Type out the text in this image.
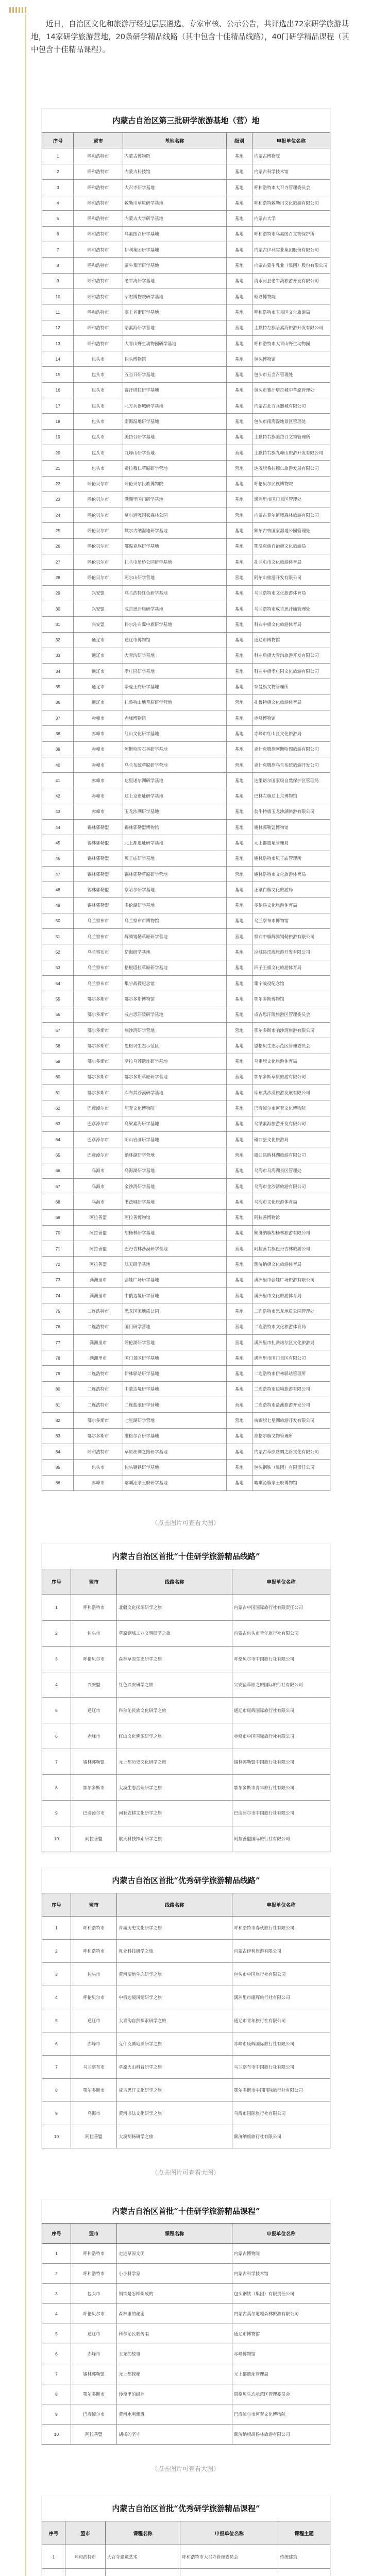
近日，自治区文化和旅游厅经过层层遴选、专家审核、公示公告，共评选出72家研学旅游基地，14家研学旅游营地，20条研学精品线路（其中包含十佳精品线路），40门研学精品课程（其中包含十佳精品课程）。

内蒙古自治区第三批研学旅游基地（营）地
序号	盟市	基地名称	级别	申报单位名称
1	呼和浩特市	内蒙古博物院	基地	内蒙古博物院
2	呼和浩特市	内蒙古科技馆	基地	内蒙古科学技术馆
3	呼和浩特市	大召寺研学基地	基地	呼和浩特市大召寺管理委员会
4	呼和浩特市	敕勒川草原研学基地	基地	呼和浩特敕勒川文化旅游有限公司
5	呼和浩特市	内蒙古大学研学基地	基地	内蒙古大学
6	呼和浩特市	乌素图召研学基地	基地	呼和浩特市乌素图召文物保护所
7	呼和浩特市	伊利集团研学基地	基地	内蒙古伊利实业集团股份有限公司
8	呼和浩特市	蒙牛集团研学基地	基地	内蒙古蒙牛乳业（集团）股份有限公司
9	呼和浩特市	老牛湾研学基地	基地	清水河县老牛湾旅游开发有限公司
10	呼和浩特市	昭君博物院研学基地	基地	昭君博物院
11	呼和浩特市	塞上老街研学基地	基地	呼和浩特市玉泉区文化旅游局
12	呼和浩特市	哈素海研学营地	营地	土默特左旗哈素海旅游开发有限公司
13	呼和浩特市	大青山野生动物园研学基地	基地	呼和浩特市大青山野生动物园
14	包头市	包头博物馆	基地	包头博物馆
15	包头市	五当召研学基地	基地	包头市五当召管理处
16	包头市	赛汗塔拉研学基地	基地	包头市赛汗塔拉城中草原管理处
17	包头市	北方兵器城研学基地	基地	内蒙古北方兵器城有限公司
18	包头市	南海湿地研学基地	基地	包头市南海湿地景区管理处
19	包头市	美岱召研学基地	基地	土默特右旗美岱召文物管理所
20	包头市	九峰山研学营地	营地	土默特右旗九峰山旅游开发有限公司
21	包头市	希拉穆仁草原研学营地	营地	达茂旗希拉穆仁旅游发展有限公司
22	呼伦贝尔市	呼伦贝尔民族博物院	基地	呼伦贝尔民族博物院
23	呼伦贝尔市	满洲里国门研学基地	基地	满洲里市国门景区管理处
24	呼伦贝尔市	莫尔道嘎国家森林公园	营地	内蒙古莫尔道嘎森林旅游有限公司
25	呼伦贝尔市	额尔古纳湿地研学基地	基地	额尔古纳国家湿地公园管理处
26	呼伦贝尔市	鄂温克族研学基地	基地	鄂温克族自治旗文化旅游局
27	呼伦贝尔市	扎兰屯吊桥公园研学基地	基地	扎兰屯市文化旅游体育局
28	呼伦贝尔市	阿尔山研学营地	营地	阿尔山旅游开发有限公司
29	兴安盟	乌兰浩特红色研学基地	基地	乌兰浩特市文化旅游体育局
30	兴安盟	成吉思汗庙研学基地	基地	乌兰浩特市成吉思汗庙管理处
31	兴安盟	科尔沁右翼中旗研学基地	基地	科右中旗文化旅游体育局
32	通辽市	通辽市博物馆	基地	通辽市博物馆
33	通辽市	大青沟研学基地	基地	科左后旗大青沟旅游开发有限公司
34	通辽市	孝庄园研学基地	基地	科左中旗孝庄园文化旅游有限公司
35	通辽市	奈曼王府研学基地	基地	奈曼旗文物管理所
36	通辽市	扎鲁特山地草原研学营地	营地	扎鲁特旗文化旅游体育局
37	赤峰市	赤峰博物馆	基地	赤峰博物馆
38	赤峰市	红山文化研学基地	基地	赤峰市红山区文化旅游局
39	赤峰市	阿斯哈图石林研学基地	基地	克什克腾旗阿斯哈图旅游有限公司
40	赤峰市	乌兰布统草原研学营地	营地	克什克腾旗乌兰布统旅游开发公司
41	赤峰市	达里诺尔湖研学基地	基地	达里诺尔国家级自然保护区管理局
42	赤峰市	辽上京遗址研学基地	基地	巴林左旗辽上京博物馆
43	赤峰市	玉龙沙湖研学基地	基地	翁牛特旗玉龙沙湖旅游有限公司
44	锡林郭勒盟	锡林郭勒盟博物馆	基地	锡林郭勒盟博物馆
45	锡林郭勒盟	元上都遗址研学基地	基地	元上都遗址管理局
46	锡林郭勒盟	贝子庙研学基地	基地	锡林浩特市贝子庙管理所
47	锡林郭勒盟	锡林郭勒草原研学营地	营地	锡林浩特市文化旅游体育局
48	锡林郭勒盟	察哈尔研学基地	基地	正镶白旗文化旅游局
49	锡林郭勒盟	多伦湖研学基地	基地	多伦县文化旅游体育局
50	乌兰察布市	乌兰察布市博物馆	基地	乌兰察布市博物馆
51	乌兰察布市	辉腾锡勒草原研学营地	营地	察右中旗辉腾锡勒旅游有限公司
52	乌兰察布市	岱海研学基地	基地	凉城县岱海旅游开发有限公司
53	乌兰察布市	格根塔拉草原研学基地	基地	四子王旗文化旅游体育局
54	乌兰察布市	集宁战役纪念馆	基地	集宁战役纪念馆
55	鄂尔多斯市	鄂尔多斯博物馆	基地	鄂尔多斯博物馆
56	鄂尔多斯市	成吉思汗陵研学基地	基地	成吉思汗陵旅游区管理委员会
57	鄂尔多斯市	响沙湾研学营地	营地	鄂尔多斯市响沙湾旅游有限公司
58	鄂尔多斯市	恩格贝生态示范区	基地	恩格贝生态示范区管理委员会
59	鄂尔多斯市	萨拉乌苏遗址研学基地	基地	乌审旗文化旅游体育局
60	鄂尔多斯市	鄂尔多斯草原研学营地	营地	鄂尔多斯草原旅游有限公司
61	鄂尔多斯市	库布其沙漠研学基地	基地	库布其沙漠旅游发展有限公司
62	巴彦淖尔市	河套文化博物院	基地	巴彦淖尔市河套文化博物院
63	巴彦淖尔市	乌梁素海研学基地	基地	乌梁素海旅游开发有限公司
64	巴彦淖尔市	阴山岩画研学基地	基地	磴口县文化旅游局
65	巴彦淖尔市	纳林湖研学营地	营地	磴口县纳林湖旅游有限公司
66	乌海市	乌海湖研学基地	基地	乌海市乌海湖景区管理处
67	乌海市	金沙湾研学基地	基地	乌海市金沙湾旅游有限公司
68	乌海市	书法城研学基地	基地	乌海市文化旅游体育局
69	阿拉善盟	阿拉善博物馆	基地	阿拉善博物馆
70	阿拉善盟	胡杨林研学基地	基地	额济纳旗胡杨林旅游有限公司
71	阿拉善盟	巴丹吉林沙漠研学营地	营地	阿拉善右旗巴丹吉林旅游公司
72	阿拉善盟	航天研学基地	基地	额济纳旗文化旅游体育局
73	满洲里市	套娃广场研学基地	基地	满洲里市套娃广场旅游有限公司
74	满洲里市	中俄边境研学营地	营地	满洲里市文化旅游体育局
75	二连浩特市	恐龙国家地质公园	基地	二连浩特市恐龙地质公园管理处
76	二连浩特市	国门研学营地	营地	二连浩特市文化旅游体育局
77	满洲里市	呼伦湖研学营地	营地	满洲里市扎赉诺尔区文化旅游局
78	满洲里市	国门景区研学基地	基地	满洲里市国门景区有限公司
79	二连浩特市	伊林驿站研学基地	基地	二连浩特市伊林驿站管理所
80	二连浩特市	中蒙边境研学基地	基地	二连浩特市边境旅游有限公司
81	二连浩特市	二连盐池研学营地	营地	二连浩特市盐池旅游开发公司
82	鄂尔多斯市	七星湖研学营地	营地	杭锦旗七星湖旅游开发有限公司
83	鄂尔多斯市	准格尔召研学基地	基地	准格尔旗文物管理所
84	呼和浩特市	草原丝绸之路研学基地	基地	内蒙古草原丝绸之路文化有限公司
85	包头市	包头钢铁研学基地	基地	包头钢铁（集团）有限责任公司
86	赤峰市	喀喇沁亲王府研学基地	基地	喀喇沁旗亲王府博物馆
（点击图片可查看大图）
内蒙古自治区首批“十佳研学旅游精品线路”
序号	盟市	线路名称	申报单位名称
1	呼和浩特市	北疆文化探源研学之旅	内蒙古中国国际旅行社有限责任公司
2	包头市	草原钢城工业文明研学之旅	内蒙古包头市青年旅行社有限公司
3	呼伦贝尔市	森林草原生态研学之旅	呼伦贝尔市中国旅行社有限公司
4	兴安盟	红色兴安研学之旅	兴安盟草原之旅国际旅行社有限公司
5	通辽市	科尔沁民族文化研学之旅	通辽市康辉国际旅行社有限公司
6	赤峰市	红山文化溯源研学之旅	赤峰市中国国际旅行社有限公司
7	锡林郭勒盟	元上都历史文化研学之旅	锡林郭勒盟中国旅行社有限公司
8	鄂尔多斯市	大漠生态治理研学之旅	鄂尔多斯市青年旅行社有限公司
9	巴彦淖尔市	河套农耕文化研学之旅	巴彦淖尔市中国旅行社有限公司
10	阿拉善盟	航天科技探索研学之旅	阿拉善盟国际旅行社有限公司
内蒙古自治区首批“优秀研学旅游精品线路”
序号	盟市	线路名称	申报单位名称
1	呼和浩特市	青城历史文化研学之旅	呼和浩特市春秋旅行社有限公司
2	呼和浩特市	乳业科技研学之旅	内蒙古伊利旅游有限公司
3	包头市	黄河湿地生态研学之旅	包头市中国旅行社有限公司
4	呼伦贝尔市	中俄边境风情研学之旅	满洲里市康辉旅行社有限公司
5	通辽市	大青沟自然探索研学之旅	通辽市青年旅行社有限公司
6	赤峰市	克什克腾地质研学之旅	赤峰市康辉国际旅行社有限公司
7	乌兰察布市	草原火山科普研学之旅	乌兰察布市中国旅行社有限公司
8	鄂尔多斯市	成吉思汗文化研学之旅	鄂尔多斯市中国国际旅行社有限公司
9	乌海市	黄河书法文化研学之旅	乌海市国际旅行社有限公司
10	阿拉善盟	大漠胡杨研学之旅	额济纳旗旅行社有限公司
（点击图片可查看大图）
内蒙古自治区首批“十佳研学旅游精品课程”
序号	盟市	课程名称	申报单位名称
1	呼和浩特市	走进草原文明	内蒙古博物院
2	呼和浩特市	小小科学家	内蒙古科学技术馆
3	包头市	钢铁是怎样炼成的	包头钢铁（集团）有限责任公司
4	呼伦贝尔市	森林里的秘密	内蒙古莫尔道嘎森林旅游有限公司
5	通辽市	科尔沁民歌传唱	通辽市博物馆
6	赤峰市	玉龙的故事	赤峰博物馆
7	锡林郭勒盟	元上都探秘	元上都遗址管理局
8	鄂尔多斯市	沙漠里的绿洲	恩格贝生态示范区管理委员会
9	巴彦淖尔市	黄河水利灌溉	巴彦淖尔市河套文化博物院
10	阿拉善盟	胡杨的坚守	额济纳旗胡杨林旅游有限公司
（点击图片可查看大图）
内蒙古自治区首批“优秀研学旅游精品课程”
序号	盟市	课程名称	申报单位名称	课程主题
1	呼和浩特市	大召寺建筑艺术	呼和浩特市大召寺管理委员会	传统建筑
